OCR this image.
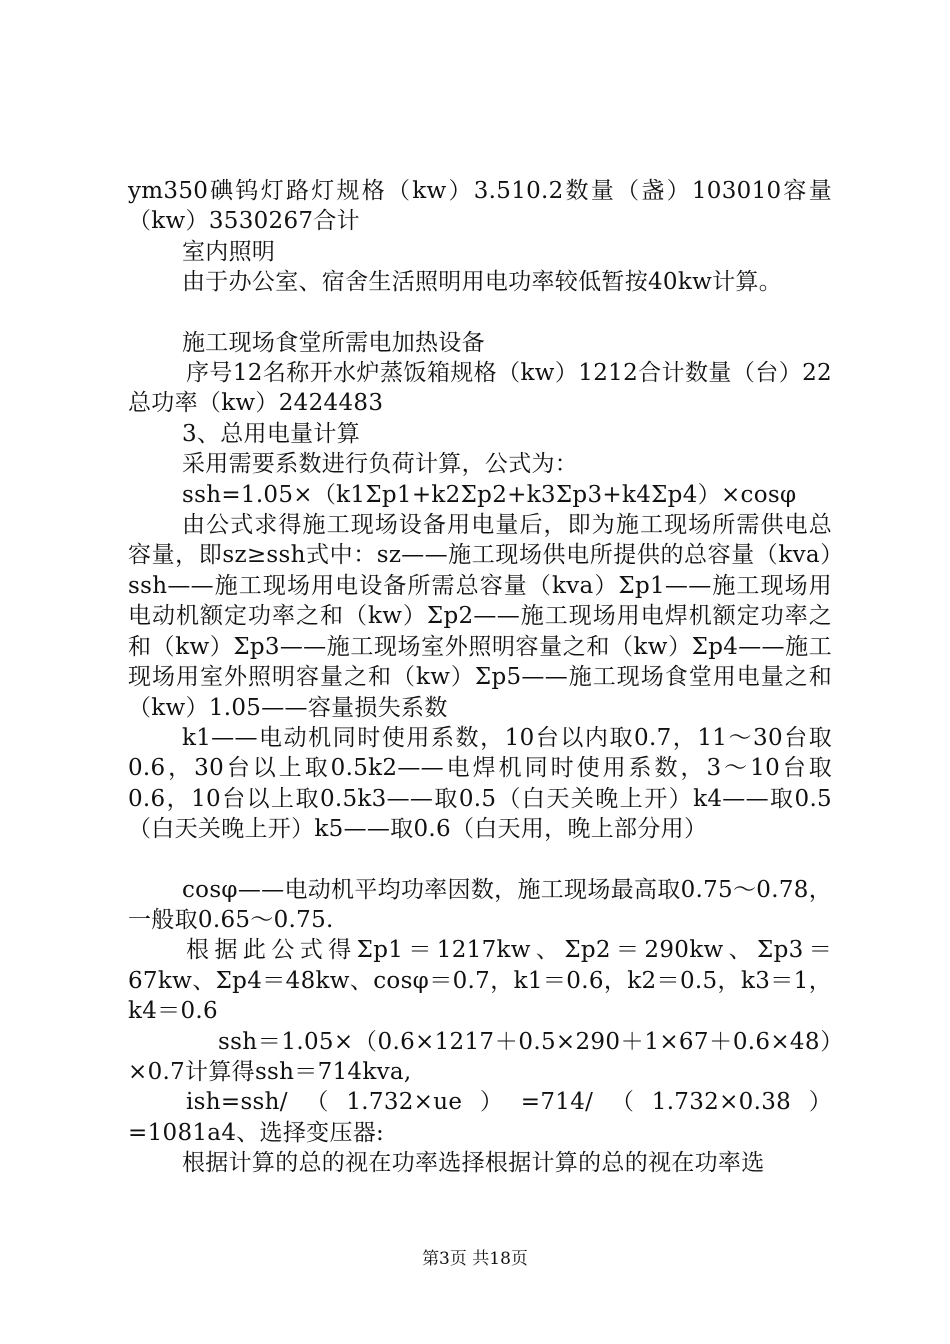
ym350碘钨灯路灯规格（kw）3.510.2数量（盏）103010容量（kw）3530267合计

室内照明

由于办公室、宿舍生活照明用电功率较低暂按40kw计算。

施工现场食堂所需电加热设备

序号12名称开水炉蒸饭箱规格（kw）1212合计数量（台）22总功率（kw）2424483

3、总用电量计算

采用需要系数进行负荷计算，公式为：

ssh=1.05×（k1Σp1+k2Σp2+k3Σp3+k4Σp4）×cosφ

由公式求得施工现场设备用电量后，即为施工现场所需供电总容量，即sz≥ssh式中：sz——施工现场供电所提供的总容量（kva）ssh——施工现场用电设备所需总容量（kva）Σp1——施工现场用电动机额定功率之和（kw）Σp2——施工现场用电焊机额定功率之和（kw）Σp3——施工现场室外照明容量之和（kw）Σp4——施工现场用室外照明容量之和（kw）Σp5——施工现场食堂用电量之和（kw）1.05——容量损失系数

k1——电动机同时使用系数，10台以内取0.7，11～30台取0.6，30台以上取0.5k2——电焊机同时使用系数，3～10台取0.6，10台以上取0.5k3——取0.5（白天关晚上开）k4——取0.5（白天关晚上开）k5——取0.6（白天用，晚上部分用）

cosφ——电动机平均功率因数，施工现场最高取0.75～0.78，一般取0.65～0.75.

根据此公式得Σp1＝1217kw、Σp2＝290kw、Σp3＝67kw、Σp4＝48kw、cosφ＝0.7，k1＝0.6，k2＝0.5，k3＝1，k4＝0.6

ssh＝1.05×（0.6×1217＋0.5×290＋1×67＋0.6×48）×0.7计算得ssh＝714kva,

ish=ssh/（1.732×ue）=714/（1.732×0.38）=1081a4、选择变压器:

根据计算的总的视在功率选择根据计算的总的视在功率选

第3页 共18页
